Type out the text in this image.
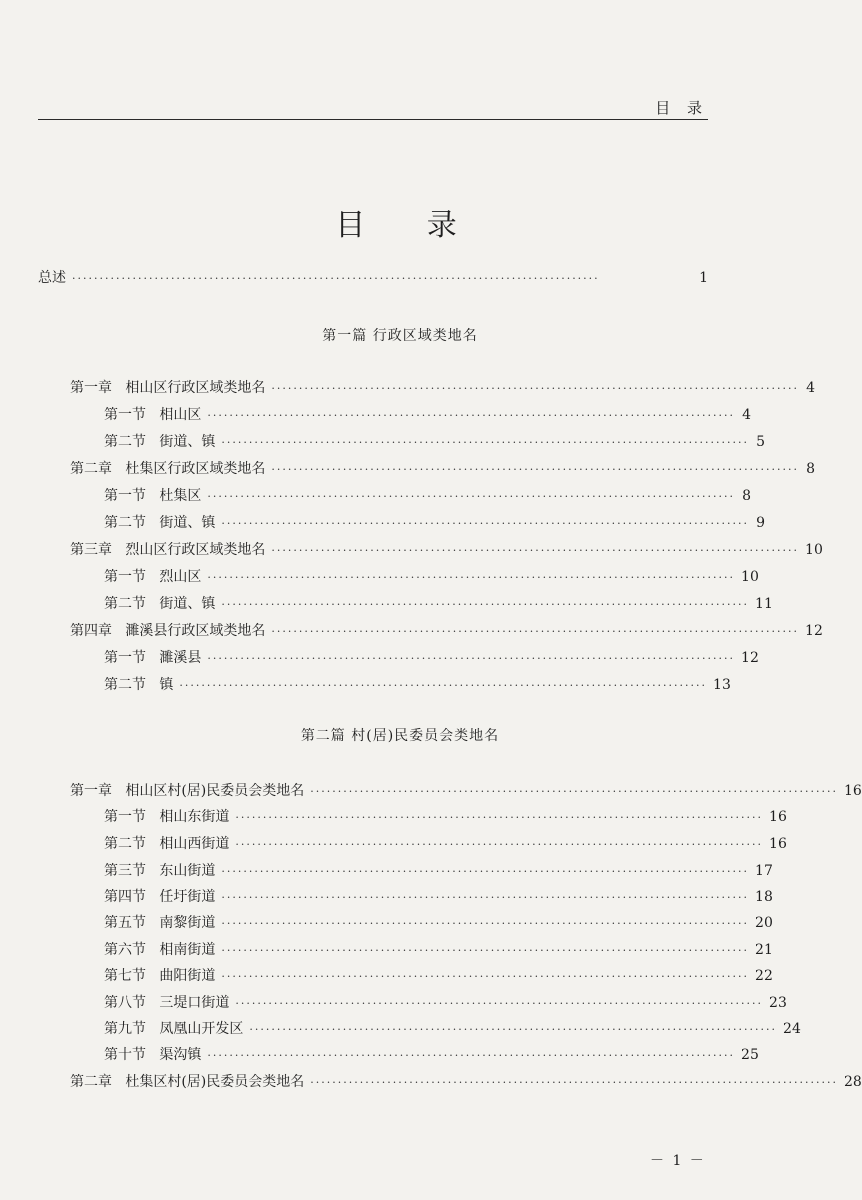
目 录
目 录
总述 ································································································	1
第一篇 行政区域类地名
第一章   相山区行政区域类地名 ································································································ 4
第一节   相山区 ································································································ 4
第二节   街道、镇 ································································································ 5
第二章   杜集区行政区域类地名 ································································································ 8
第一节   杜集区 ································································································ 8
第二节   街道、镇 ································································································ 9
第三章   烈山区行政区域类地名 ································································································ 10
第一节   烈山区 ································································································ 10
第二节   街道、镇 ································································································ 11
第四章   濉溪县行政区域类地名 ································································································ 12
第一节   濉溪县 ································································································ 12
第二节   镇 ································································································ 13
第二篇 村(居)民委员会类地名
第一章   相山区村(居)民委员会类地名 ································································································ 16
第一节   相山东街道 ································································································ 16
第二节   相山西街道 ································································································ 16
第三节   东山街道 ································································································ 17
第四节   任圩街道 ································································································ 18
第五节   南黎街道 ································································································ 20
第六节   相南街道 ································································································ 21
第七节   曲阳街道 ································································································ 22
第八节   三堤口街道 ································································································ 23
第九节   凤凰山开发区 ································································································ 24
第十节   渠沟镇 ································································································ 25
第二章   杜集区村(居)民委员会类地名 ································································································ 28
－ 1 －
